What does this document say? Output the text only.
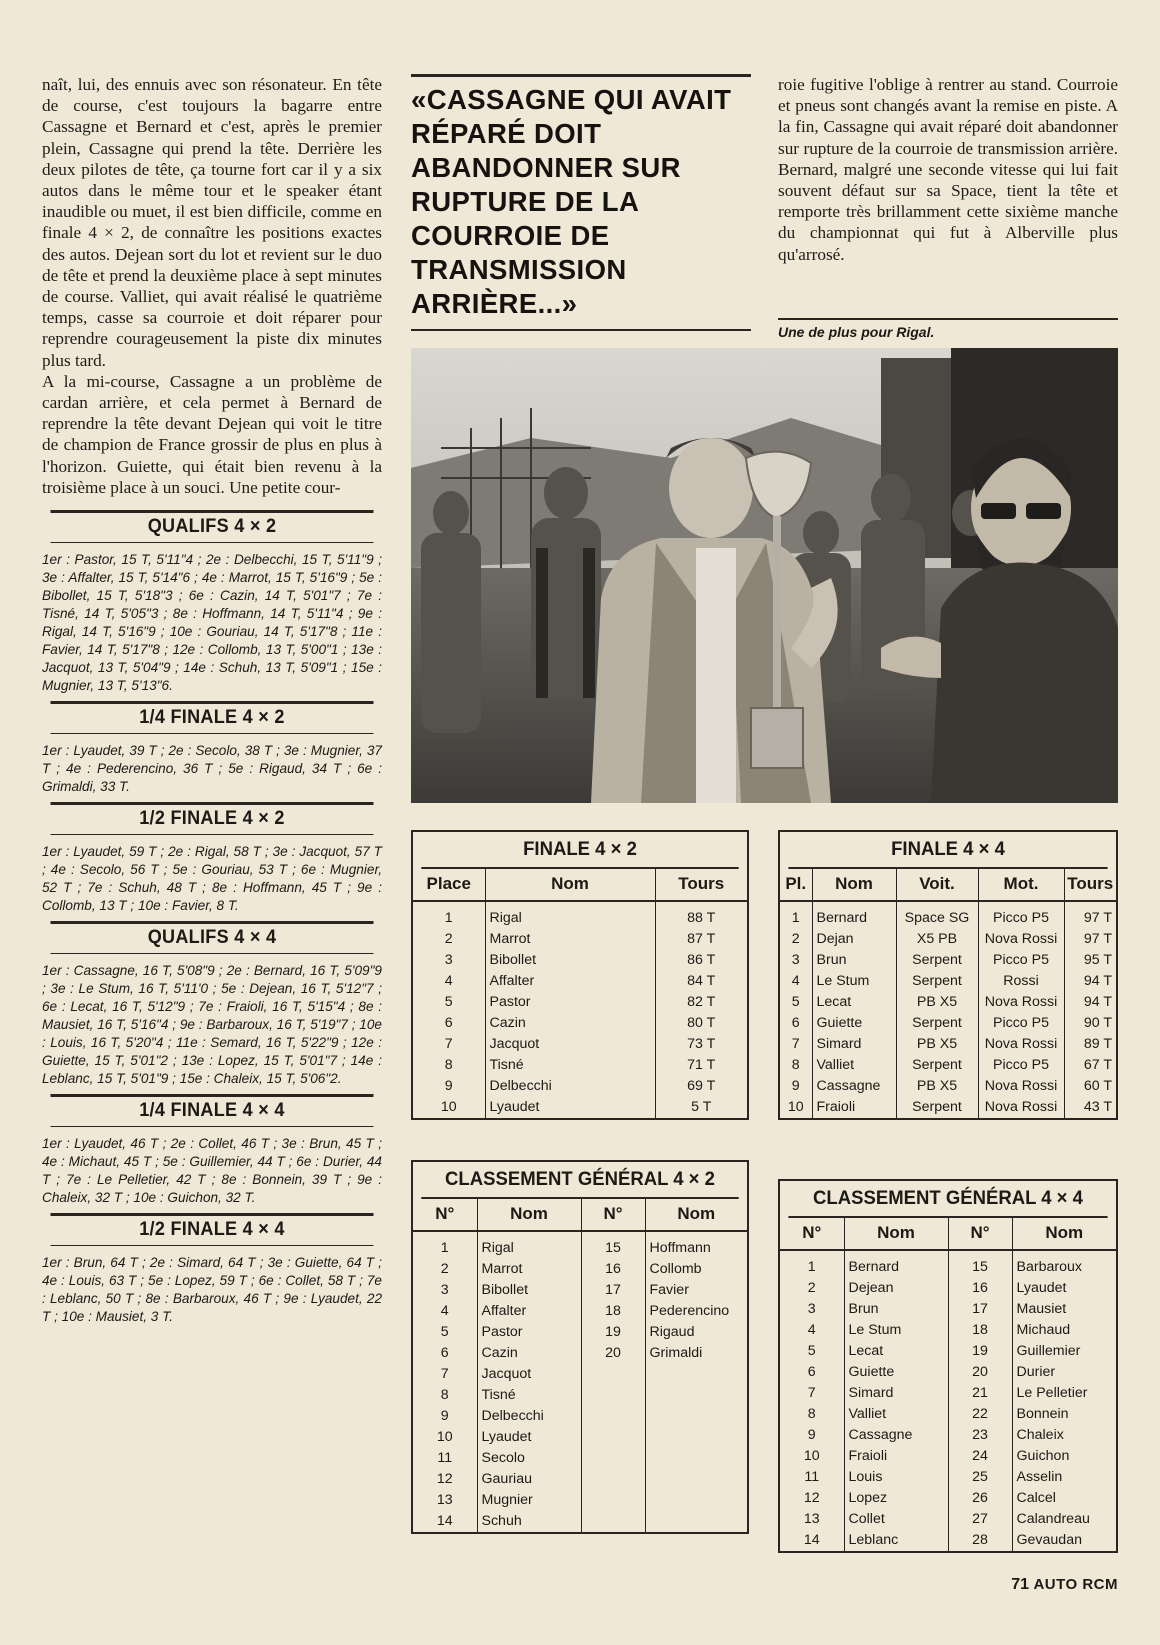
naît, lui, des ennuis avec son résonateur. En tête de course, c'est toujours la bagarre entre Cassagne et Bernard et c'est, après le premier plein, Cassagne qui prend la tête. Derrière les deux pilotes de tête, ça tourne fort car il y a six autos dans le même tour et le speaker étant inaudible ou muet, il est bien difficile, comme en finale 4 × 2, de connaître les positions exactes des autos. Dejean sort du lot et revient sur le duo de tête et prend la deuxième place à sept minutes de course. Valliet, qui avait réalisé le quatrième temps, casse sa courroie et doit réparer pour reprendre courageusement la piste dix minutes plus tard.

A la mi-course, Cassagne a un problème de cardan arrière, et cela permet à Bernard de reprendre la tête devant Dejean qui voit le titre de champion de France grossir de plus en plus à l'horizon. Guiette, qui était bien revenu à la troisième place à un souci. Une petite cour-

QUALIFS 4 × 2
1er : Pastor, 15 T, 5'11"4 ; 2e : Delbecchi, 15 T, 5'11"9 ; 3e : Affalter, 15 T, 5'14"6 ; 4e : Marrot, 15 T, 5'16"9 ; 5e : Bibollet, 15 T, 5'18"3 ; 6e : Cazin, 14 T, 5'01"7 ; 7e : Tisné, 14 T, 5'05"3 ; 8e : Hoffmann, 14 T, 5'11"4 ; 9e : Rigal, 14 T, 5'16"9 ; 10e : Gouriau, 14 T, 5'17"8 ; 11e : Favier, 14 T, 5'17"8 ; 12e : Collomb, 13 T, 5'00"1 ; 13e : Jacquot, 13 T, 5'04"9 ; 14e : Schuh, 13 T, 5'09"1 ; 15e : Mugnier, 13 T, 5'13"6.
1/4 FINALE 4 × 2
1er : Lyaudet, 39 T ; 2e : Secolo, 38 T ; 3e : Mugnier, 37 T ; 4e : Pederencino, 36 T ; 5e : Rigaud, 34 T ; 6e : Grimaldi, 33 T.
1/2 FINALE 4 × 2
1er : Lyaudet, 59 T ; 2e : Rigal, 58 T ; 3e : Jacquot, 57 T ; 4e : Secolo, 56 T ; 5e : Gouriau, 53 T ; 6e : Mugnier, 52 T ; 7e : Schuh, 48 T ; 8e : Hoffmann, 45 T ; 9e : Collomb, 13 T ; 10e : Favier, 8 T.
QUALIFS 4 × 4
1er : Cassagne, 16 T, 5'08"9 ; 2e : Bernard, 16 T, 5'09"9 ; 3e : Le Stum, 16 T, 5'11'0 ; 5e : Dejean, 16 T, 5'12"7 ; 6e : Lecat, 16 T, 5'12"9 ; 7e : Fraioli, 16 T, 5'15"4 ; 8e : Mausiet, 16 T, 5'16"4 ; 9e : Barbaroux, 16 T, 5'19"7 ; 10e : Louis, 16 T, 5'20"4 ; 11e : Semard, 16 T, 5'22"9 ; 12e : Guiette, 15 T, 5'01"2 ; 13e : Lopez, 15 T, 5'01"7 ; 14e : Leblanc, 15 T, 5'01"9 ; 15e : Chaleix, 15 T, 5'06"2.
1/4 FINALE 4 × 4
1er : Lyaudet, 46 T ; 2e : Collet, 46 T ; 3e : Brun, 45 T ; 4e : Michaut, 45 T ; 5e : Guillemier, 44 T ; 6e : Durier, 44 T ; 7e : Le Pelletier, 42 T ; 8e : Bonnein, 39 T ; 9e : Chaleix, 32 T ; 10e : Guichon, 32 T.
1/2 FINALE 4 × 4
1er : Brun, 64 T ; 2e : Simard, 64 T ; 3e : Guiette, 64 T ; 4e : Louis, 63 T ; 5e : Lopez, 59 T ; 6e : Collet, 58 T ; 7e : Leblanc, 50 T ; 8e : Barbaroux, 46 T ; 9e : Lyaudet, 22 T ; 10e : Mausiet, 3 T.
«CASSAGNE QUI AVAIT RÉPARÉ DOIT ABANDONNER SUR RUPTURE DE LA COURROIE DE TRANSMISSION ARRIÈRE...»
roie fugitive l'oblige à rentrer au stand. Courroie et pneus sont changés avant la remise en piste. A la fin, Cassagne qui avait réparé doit abandonner sur rupture de la courroie de transmission arrière. Bernard, malgré une seconde vitesse qui lui fait souvent défaut sur sa Space, tient la tête et remporte très brillamment cette sixième manche du championnat qui fut à Alberville plus qu'arrosé.
Une de plus pour Rigal.
FINALE 4 × 2
Place	Nom	Tours
1	Rigal	88 T
2	Marrot	87 T
3	Bibollet	86 T
4	Affalter	84 T
5	Pastor	82 T
6	Cazin	80 T
7	Jacquot	73 T
8	Tisné	71 T
9	Delbecchi	69 T
10	Lyaudet	5 T
FINALE 4 × 4
Pl.	Nom	Voit.	Mot.	Tours
1	Bernard	Space SG	Picco P5	97 T
2	Dejan	X5 PB	Nova Rossi	97 T
3	Brun	Serpent	Picco P5	95 T
4	Le Stum	Serpent	Rossi	94 T
5	Lecat	PB X5	Nova Rossi	94 T
6	Guiette	Serpent	Picco P5	90 T
7	Simard	PB X5	Nova Rossi	89 T
8	Valliet	Serpent	Picco P5	67 T
9	Cassagne	PB X5	Nova Rossi	60 T
10	Fraioli	Serpent	Nova Rossi	43 T
CLASSEMENT GÉNÉRAL 4 × 2
N°	Nom	N°	Nom
1	Rigal	15	Hoffmann
2	Marrot	16	Collomb
3	Bibollet	17	Favier
4	Affalter	18	Pederencino
5	Pastor	19	Rigaud
6	Cazin	20	Grimaldi
7	Jacquot		
8	Tisné		
9	Delbecchi		
10	Lyaudet		
11	Secolo		
12	Gauriau		
13	Mugnier		
14	Schuh		
CLASSEMENT GÉNÉRAL 4 × 4
N°	Nom	N°	Nom
1	Bernard	15	Barbaroux
2	Dejean	16	Lyaudet
3	Brun	17	Mausiet
4	Le Stum	18	Michaud
5	Lecat	19	Guillemier
6	Guiette	20	Durier
7	Simard	21	Le Pelletier
8	Valliet	22	Bonnein
9	Cassagne	23	Chaleix
10	Fraioli	24	Guichon
11	Louis	25	Asselin
12	Lopez	26	Calcel
13	Collet	27	Calandreau
14	Leblanc	28	Gevaudan
71 AUTO RCM
